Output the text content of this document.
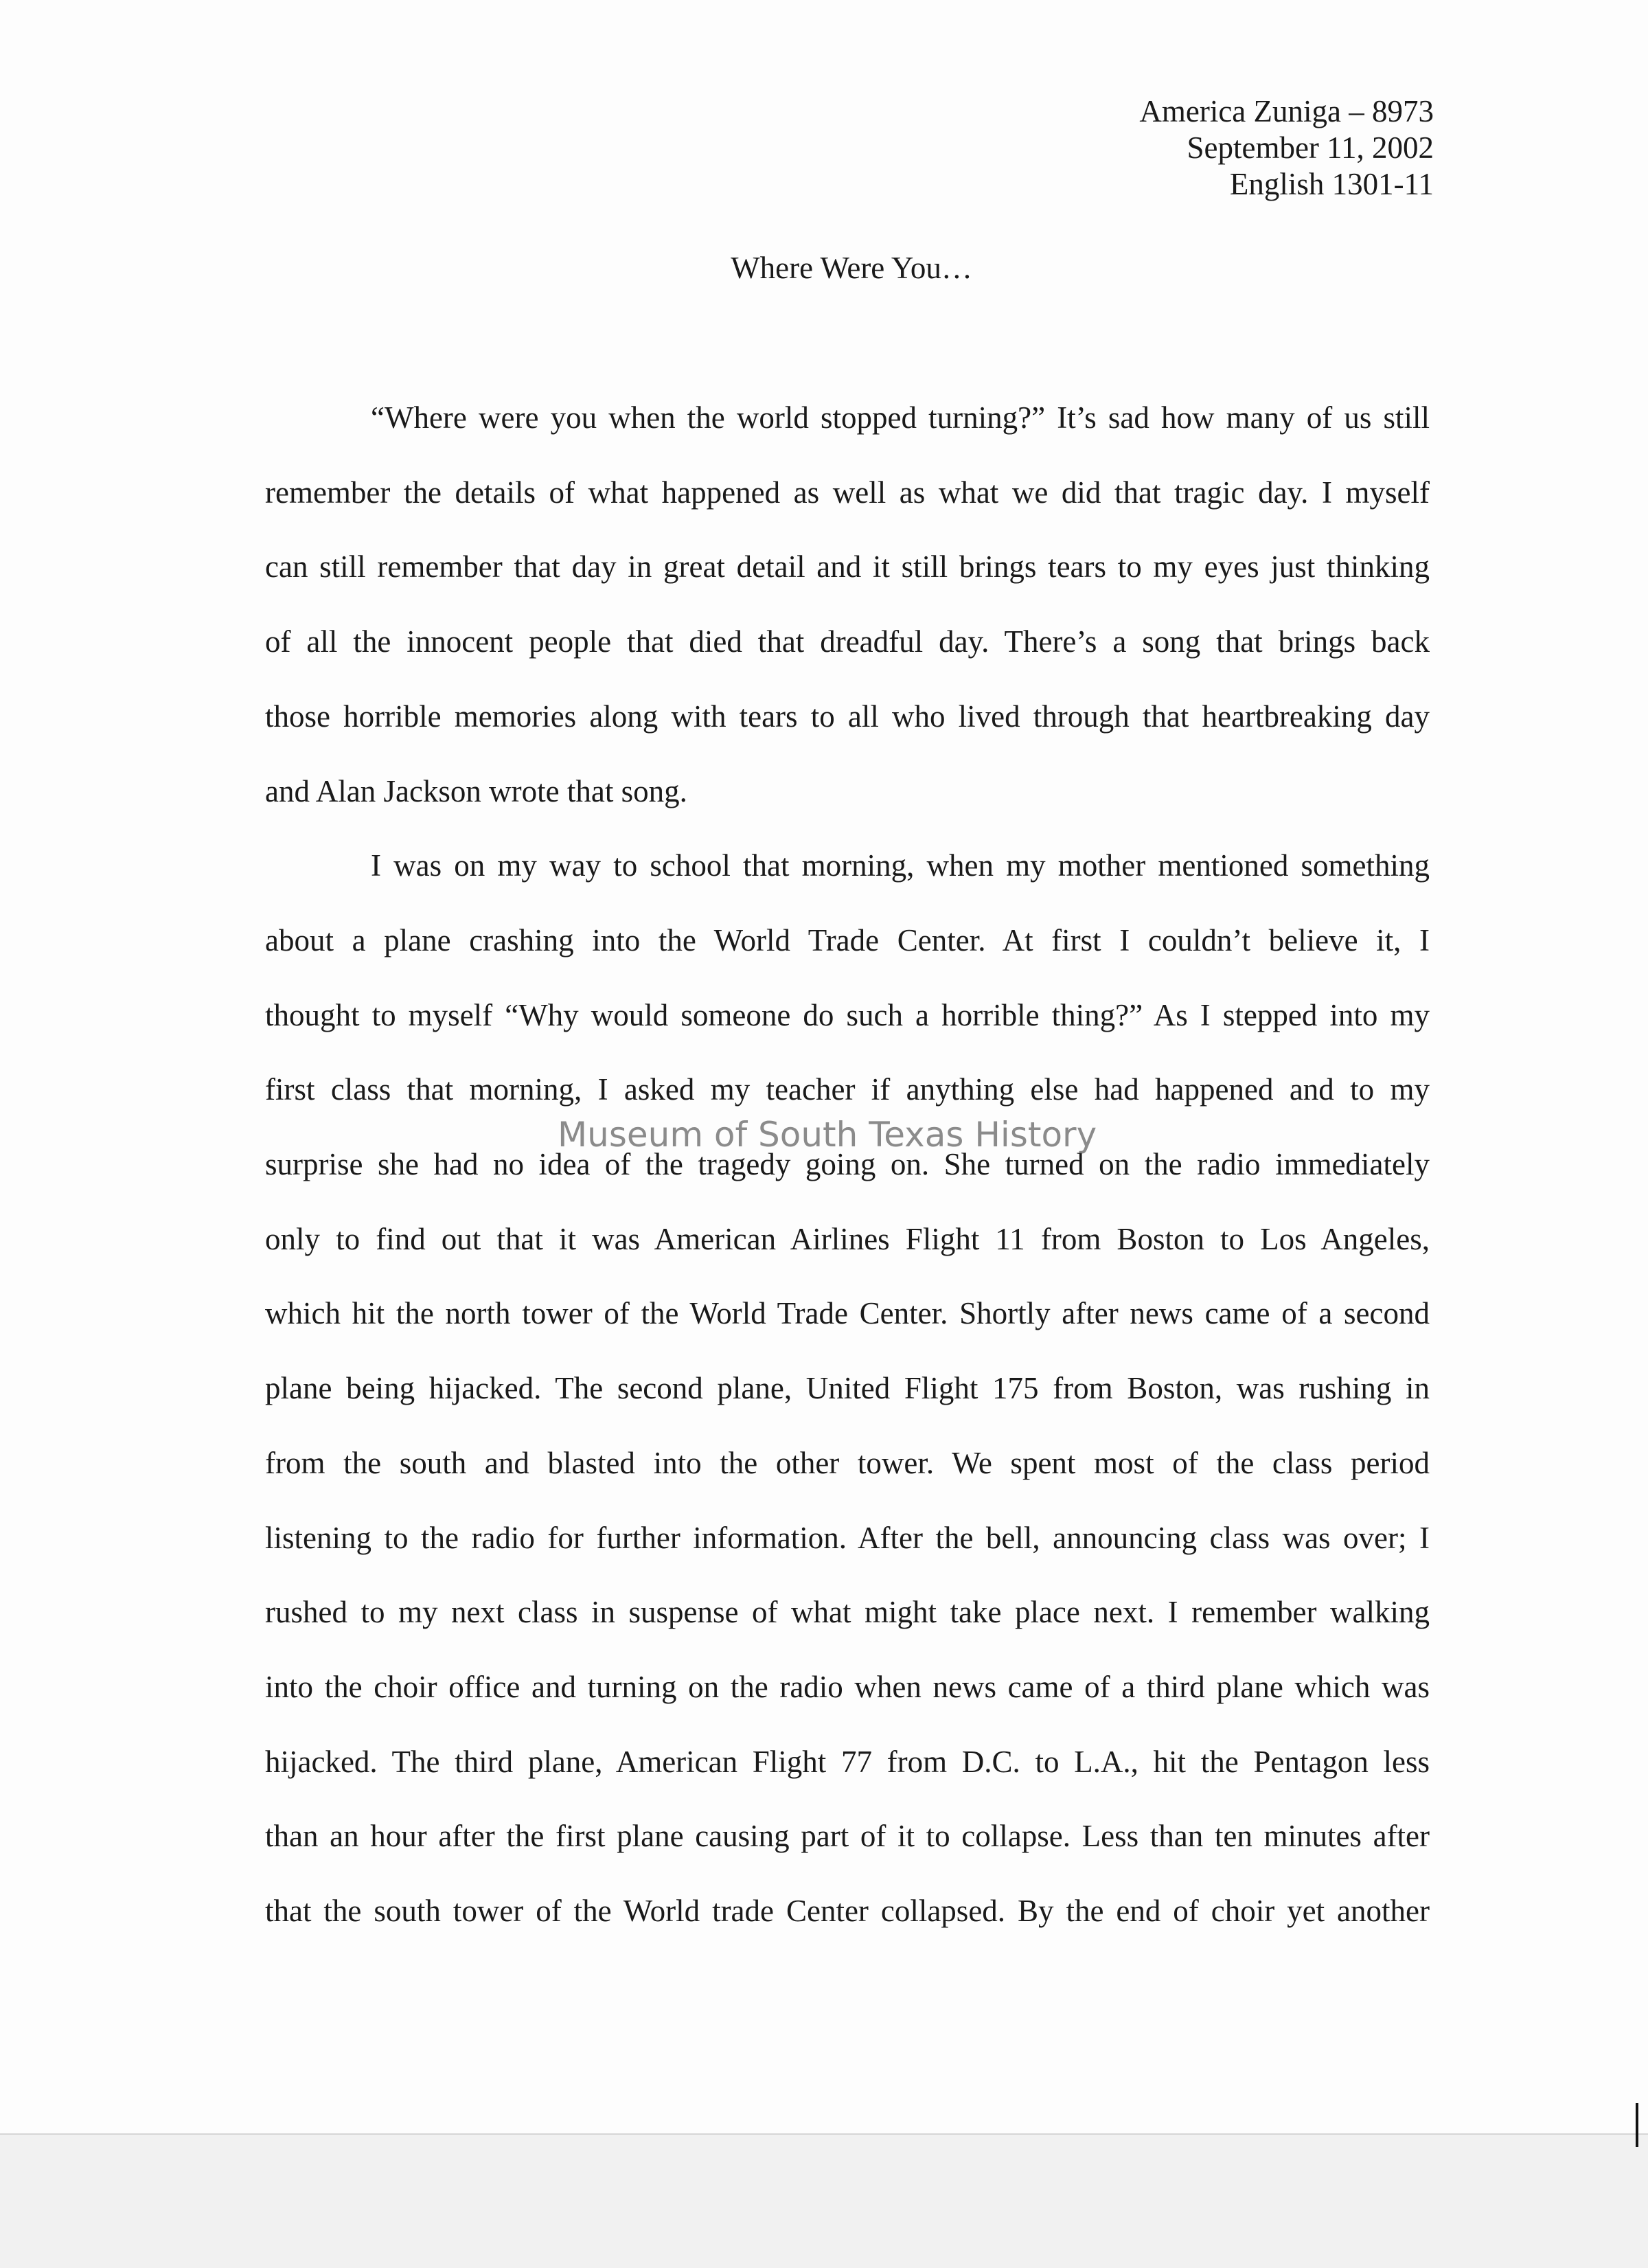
America Zuniga – 8973
September 11, 2002
English 1301-11
Where Were You…
“Where were you when the world stopped turning?” It’s sad how many of us still
remember the details of what happened as well as what we did that tragic day. I myself
can still remember that day in great detail and it still brings tears to my eyes just thinking
of all the innocent people that died that dreadful day. There’s a song that brings back
those horrible memories along with tears to all who lived through that heartbreaking day
and Alan Jackson wrote that song.
I was on my way to school that morning, when my mother mentioned something
about a plane crashing into the World Trade Center. At first I couldn’t believe it, I
thought to myself “Why would someone do such a horrible thing?” As I stepped into my
first class that morning, I asked my teacher if anything else had happened and to my
surprise she had no idea of the tragedy going on. She turned on the radio immediately
only to find out that it was American Airlines Flight 11 from Boston to Los Angeles,
which hit the north tower of the World Trade Center. Shortly after news came of a second
plane being hijacked. The second plane, United Flight 175 from Boston, was rushing in
from the south and blasted into the other tower. We spent most of the class period
listening to the radio for further information. After the bell, announcing class was over; I
rushed to my next class in suspense of what might take place next. I remember walking
into the choir office and turning on the radio when news came of a third plane which was
hijacked. The third plane, American Flight 77 from D.C. to L.A., hit the Pentagon less
than an hour after the first plane causing part of it to collapse. Less than ten minutes after
that the south tower of the World trade Center collapsed. By the end of choir yet another
Museum of South Texas History
